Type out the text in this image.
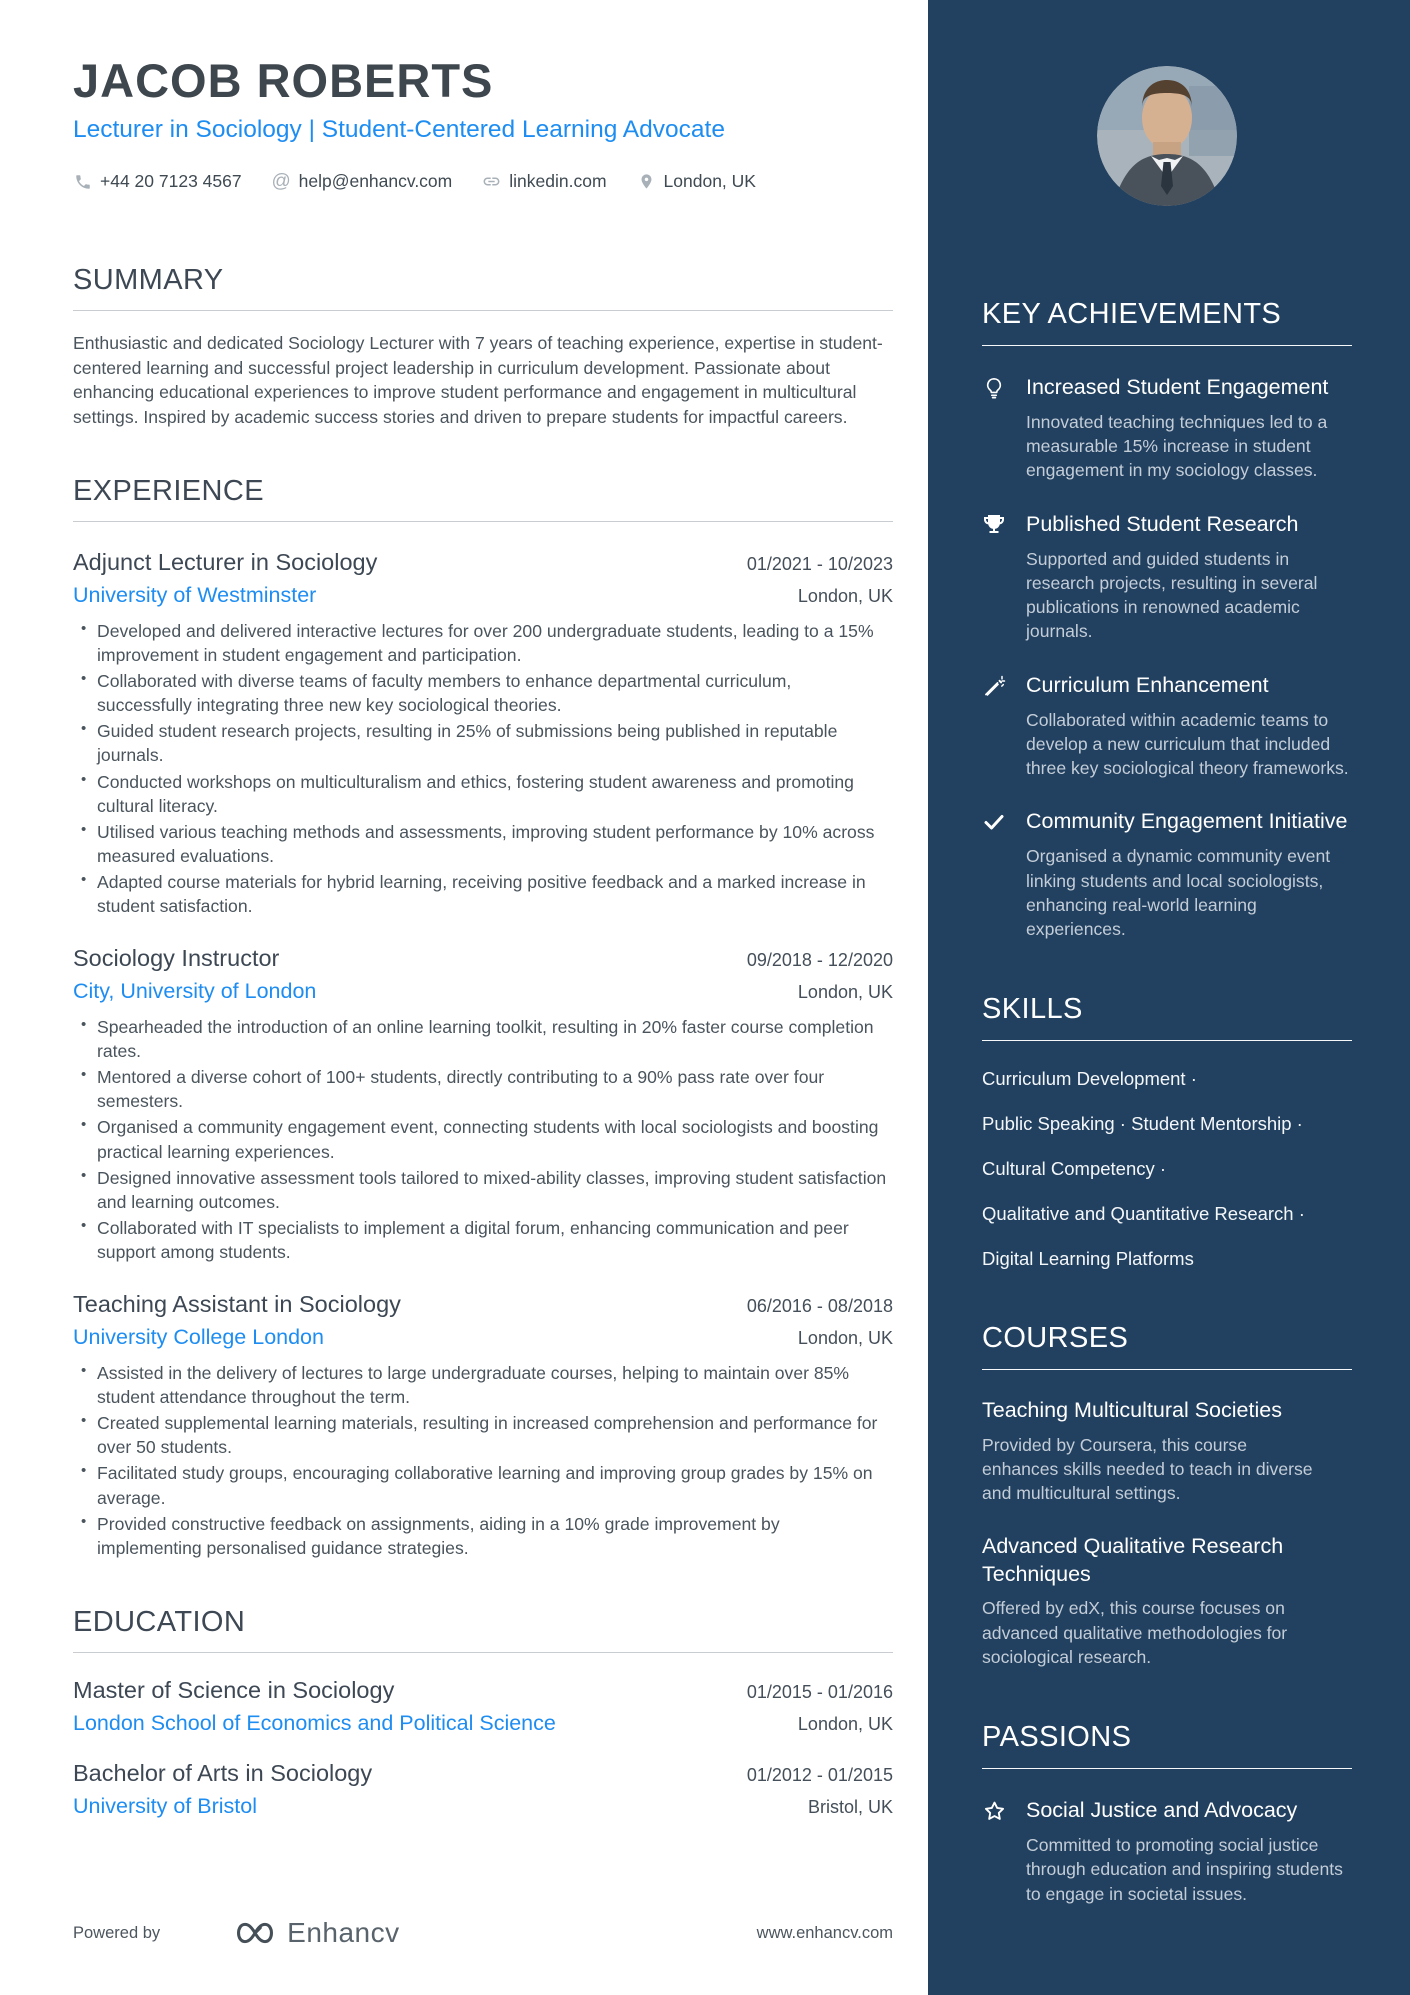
JACOB ROBERTS
Lecturer in Sociology | Student-Centered Learning Advocate
+44 20 7123 4567 @ help@enhancv.com	linkedin.com	London, UK
SUMMARY

Enthusiastic and dedicated Sociology Lecturer with 7 years of teaching experience, expertise in student-centered learning and successful project leadership in curriculum development. Passionate about enhancing educational experiences to improve student performance and engagement in multicultural settings. Inspired by academic success stories and driven to prepare students for impactful careers.

EXPERIENCE
Adjunct Lecturer in Sociology	01/2021 - 10/2023
University of Westminster	London, UK
• Developed and delivered interactive lectures for over 200 undergraduate students, leading to a 15% improvement in student engagement and participation.
• Collaborated with diverse teams of faculty members to enhance departmental curriculum, successfully integrating three new key sociological theories.
• Guided student research projects, resulting in 25% of submissions being published in reputable journals.
• Conducted workshops on multiculturalism and ethics, fostering student awareness and promoting cultural literacy.
• Utilised various teaching methods and assessments, improving student performance by 10% across measured evaluations.
• Adapted course materials for hybrid learning, receiving positive feedback and a marked increase in student satisfaction.
Sociology Instructor	09/2018 - 12/2020
City, University of London	London, UK
• Spearheaded the introduction of an online learning toolkit, resulting in 20% faster course completion rates.
• Mentored a diverse cohort of 100+ students, directly contributing to a 90% pass rate over four semesters.
• Organised a community engagement event, connecting students with local sociologists and boosting practical learning experiences.
• Designed innovative assessment tools tailored to mixed-ability classes, improving student satisfaction and learning outcomes.
• Collaborated with IT specialists to implement a digital forum, enhancing communication and peer support among students.
Teaching Assistant in Sociology	06/2016 - 08/2018
University College London	London, UK
• Assisted in the delivery of lectures to large undergraduate courses, helping to maintain over 85% student attendance throughout the term.
• Created supplemental learning materials, resulting in increased comprehension and performance for over 50 students.
• Facilitated study groups, encouraging collaborative learning and improving group grades by 15% on average.
• Provided constructive feedback on assignments, aiding in a 10% grade improvement by implementing personalised guidance strategies.
EDUCATION
Master of Science in Sociology	01/2015 - 01/2016
London School of Economics and Political Science	London, UK
Bachelor of Arts in Sociology	01/2012 - 01/2015
University of Bristol	Bristol, UK
Powered by	Enhancv	www.enhancv.com
KEY ACHIEVEMENTS
Increased Student Engagement
Innovated teaching techniques led to a measurable 15% increase in student engagement in my sociology classes.
Published Student Research
Supported and guided students in research projects, resulting in several publications in renowned academic journals.
Curriculum Enhancement
Collaborated within academic teams to develop a new curriculum that included three key sociological theory frameworks.
Community Engagement Initiative
Organised a dynamic community event linking students and local sociologists, enhancing real-world learning experiences.
SKILLS
Curriculum Development ·
Public Speaking · Student Mentorship ·
Cultural Competency ·
Qualitative and Quantitative Research ·
Digital Learning Platforms
COURSES
Teaching Multicultural Societies
Provided by Coursera, this course enhances skills needed to teach in diverse and multicultural settings.
Advanced Qualitative Research Techniques
Offered by edX, this course focuses on advanced qualitative methodologies for sociological research.
PASSIONS
Social Justice and Advocacy
Committed to promoting social justice through education and inspiring students to engage in societal issues.
